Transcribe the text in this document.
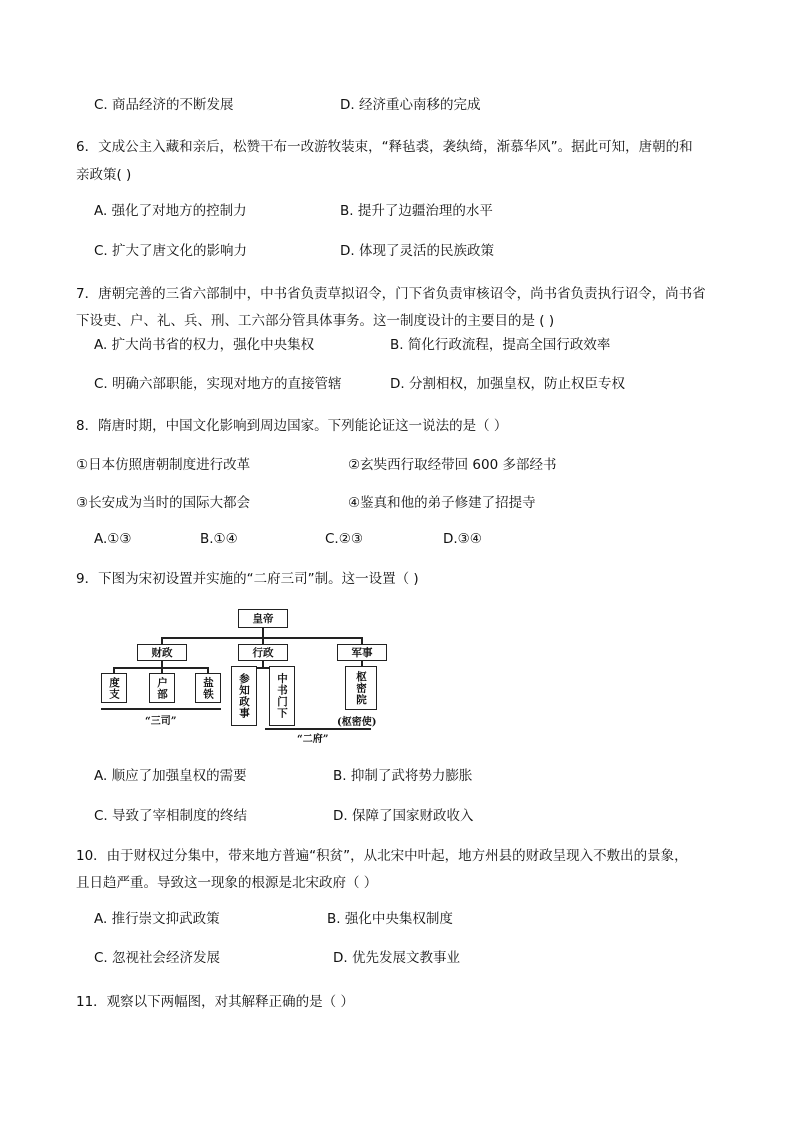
C. 商品经济的不断发展	D. 经济重心南移的完成
6．文成公主入藏和亲后，松赞干布一改游牧装束，“释毡裘，袭纨绮，渐慕华风”。据此可知，唐朝的和
亲政策( )
A. 强化了对地方的控制力	B. 提升了边疆治理的水平
C. 扩大了唐文化的影响力	D. 体现了灵活的民族政策
7．唐朝完善的三省六部制中，中书省负责草拟诏令，门下省负责审核诏令，尚书省负责执行诏令，尚书省
下设吏、户、礼、兵、刑、工六部分管具体事务。这一制度设计的主要目的是 ( )
A. 扩大尚书省的权力，强化中央集权	B. 简化行政流程，提高全国行政效率
C. 明确六部职能，实现对地方的直接管辖	D. 分割相权，加强皇权，防止权臣专权
8．隋唐时期，中国文化影响到周边国家。下列能论证这一说法的是（ ）
①日本仿照唐朝制度进行改革	②玄奘西行取经带回 600 多部经书
③长安成为当时的国际大都会	④鉴真和他的弟子修建了招提寺
A.①③	B.①④	C.②③	D.③④
9．下图为宋初设置并实施的“二府三司”制。这一设置（ )
皇帝
财政	行政	军事
度支	户部	盐铁	参知政事	中书门下	枢密院
(枢密使)
“三司”
“二府”
A. 顺应了加强皇权的需要	B. 抑制了武将势力膨胀
C. 导致了宰相制度的终结	D. 保障了国家财政收入
10．由于财权过分集中，带来地方普遍“积贫”，从北宋中叶起，地方州县的财政呈现入不敷出的景象，
且日趋严重。导致这一现象的根源是北宋政府（ ）
A. 推行崇文抑武政策	B. 强化中央集权制度
C. 忽视社会经济发展	D. 优先发展文教事业
11．观察以下两幅图，对其解释正确的是（ ）
